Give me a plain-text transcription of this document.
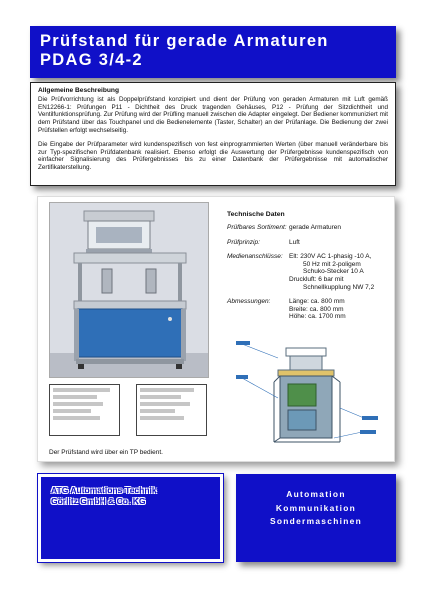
Prüfstand für gerade Armaturen
PDAG 3/4-2
Allgemeine Beschreibung

Die Prüfvorrichtung ist als Doppelprüfstand konzipiert und dient der Prüfung von geraden Armaturen mit Luft gemäß EN12266-1: Prüfungen P11 - Dichtheit des Druck tragenden Gehäuses, P12 - Prüfung der Sitzdichtheit und Ventilfunktionsprüfung. Zur Prüfung wird der Prüfling manuell zwischen die Adapter eingelegt. Der Bediener kommuniziert mit dem Prüfstand über das Touchpanel und die Bedienelemente (Taster, Schalter) an der Prüfanlage. Die Bedienung der zwei Prüfstellen erfolgt wechselseitig.

Die Eingabe der Prüfparameter wird kundenspezifisch von fest einprogrammierten Werten (über manuell veränderbare bis zur Typ-spezifischen Prüfdatenbank realisiert. Ebenso erfolgt die Auswertung der Prüfergebnisse kundenspezifisch von einfacher Signalisierung des Prüfergebnisses bis zu einer Datenbank der Prüfergebnisse mit automatischer Zertifikaterstellung.

Der Prüfstand wird über ein TP bedient.
Technische Daten
Prüfbares Sortiment: gerade Armaturen
Prüfprinzip:	Luft
Medienanschlüsse: Elt: 230V AC 1-phasig -10 A,
50 Hz mit 2-poligem
Schuko-Stecker 10 A
Druckluft: 6 bar mit
Schnellkupplung NW 7,2
Abmessungen:	Länge: ca. 800 mm
Breite: ca. 800 mm
Höhe: ca. 1700 mm
ATG Automations-Technik
Görlitz GmbH & Co. KG
Automation
Kommunikation
Sondermaschinen
